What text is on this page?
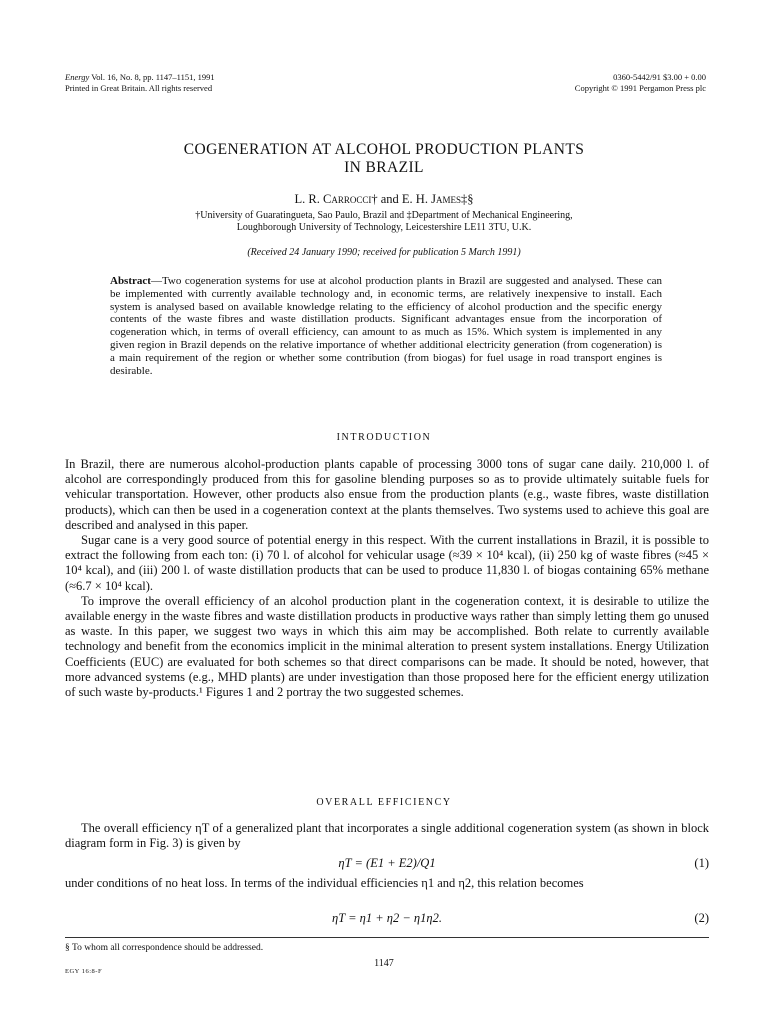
Energy Vol. 16, No. 8, pp. 1147–1151, 1991
Printed in Great Britain. All rights reserved
0360-5442/91 $3.00 + 0.00
Copyright © 1991 Pergamon Press plc
COGENERATION AT ALCOHOL PRODUCTION PLANTS
IN BRAZIL
L. R. Carrocci† and E. H. James‡§
†University of Guaratingueta, Sao Paulo, Brazil and ‡Department of Mechanical Engineering,
Loughborough University of Technology, Leicestershire LE11 3TU, U.K.
(Received 24 January 1990; received for publication 5 March 1991)
Abstract—Two cogeneration systems for use at alcohol production plants in Brazil are suggested and analysed. These can be implemented with currently available technology and, in economic terms, are relatively inexpensive to install. Each system is analysed based on available knowledge relating to the efficiency of alcohol production and the specific energy contents of the waste fibres and waste distillation products. Significant advantages ensue from the incorporation of cogeneration which, in terms of overall efficiency, can amount to as much as 15%. Which system is implemented in any given region in Brazil depends on the relative importance of whether additional electricity generation (from cogeneration) is a main requirement of the region or whether some contribution (from biogas) for fuel usage in road transport engines is desirable.
INTRODUCTION

In Brazil, there are numerous alcohol-production plants capable of processing 3000 tons of sugar cane daily. 210,000 l. of alcohol are correspondingly produced from this for gasoline blending purposes so as to provide ultimately suitable fuels for vehicular transportation. However, other products also ensue from the production plants (e.g., waste fibres, waste distillation products), which can then be used in a cogeneration context at the plants themselves. Two systems used to achieve this goal are described and analysed in this paper.

Sugar cane is a very good source of potential energy in this respect. With the current installations in Brazil, it is possible to extract the following from each ton: (i) 70 l. of alcohol for vehicular usage (≈39 × 10⁴ kcal), (ii) 250 kg of waste fibres (≈45 × 10⁴ kcal), and (iii) 200 l. of waste distillation products that can be used to produce 11,830 l. of biogas containing 65% methane (≈6.7 × 10⁴ kcal).

To improve the overall efficiency of an alcohol production plant in the cogeneration context, it is desirable to utilize the available energy in the waste fibres and waste distillation products in productive ways rather than simply letting them go unused as waste. In this paper, we suggest two ways in which this aim may be accomplished. Both relate to currently available technology and benefit from the economics implicit in the minimal alteration to present system installations. Energy Utilization Coefficients (EUC) are evaluated for both schemes so that direct comparisons can be made. It should be noted, however, that more advanced systems (e.g., MHD plants) are under investigation than those proposed here for the efficient energy utilization of such waste by-products.¹ Figures 1 and 2 portray the two suggested schemes.

OVERALL EFFICIENCY

The overall efficiency ηT of a generalized plant that incorporates a single additional cogeneration system (as shown in block diagram form in Fig. 3) is given by

ηT = (E1 + E2)/Q1	(1)

under conditions of no heat loss. In terms of the individual efficiencies η1 and η2, this relation becomes

ηT = η1 + η2 − η1η2.	(2)
§ To whom all correspondence should be addressed.
1147
EGY 16:8-F
